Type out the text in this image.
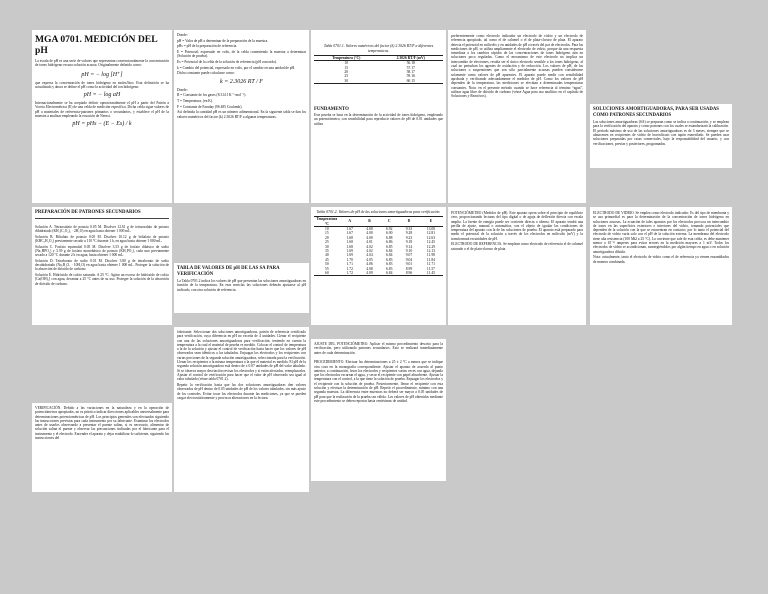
MGA 0701. MEDICIÓN DEL pH

La escala de pH es una serie de valores que representan convencionalmente la concentración de iones hidrógeno en una solución acuosa. Originalmente definido como:

pH = − log [H⁺]

que expresa la concentración de iones hidrógeno en moles/litro. Esta definición se ha actualizado y ahora se define el pH como la actividad del ion hidrógeno:

pH = − log aH

Internacionalmente se ha aceptado definir operacionalmente el pH a partir del Patrón a Voceta Electrométrica (E) de una celda de medición específica. Dicha celda sigue valores de pH a materiales de referencia-patrones primarios o secundarios, y establece el pH de la muestra a analizar empleando la ecuación de Nernst.

pH = pHs − (E − Es) / k

Donde:

pH = Valor de pH a determinar de la preparación de la muestra.

pHs = pH de la preparación de referencia.

E = Potencial, expresado en volts, de la celda conteniendo la muestra a determinar (Solución de prueba).

Es = Potencial de la celda de la solución de referencia (pH conocido).

k = Cambio del potencial, expresado en volts, por el cambio en una unidad de pH.

Dicha constante puede calcularse como:

k = 2.3026 RT / F

Donde:

R = Constante de los gases (8.314 J K⁻¹ mol⁻¹).

T = Temperatura, (en K).

F = Constante de Faraday (96 485 Coulomb).

Así definida la cantidad pH es un número adimensional. En la siguiente tabla se dan los valores numéricos del factor (k) 2.3026 RT/F a algunas temperaturas.

Tabla 0701.1. Valores numéricos del factor (k) 2.3026 RT/F a diferentes temperaturas.
Temperatura (°C)	2.3026 RT/F (mV)
10	56.18
15	57.17
20	58.17
25	59.16
30	60.15
FUNDAMENTO

Este prueba se basa en la determinación de la actividad de iones hidrógeno, empleando un potenciómetro, con sensibilidad para reproducir valores de pH de 0.01 unidades que utiliza

preferentemente como electrodo indicador un electrodo de vidrio y un electrodo de referencia apropiado, tal como el de calomel o el de plata-cloruro de plata. El aparato detecta el potencial en milivolts y en unidades de pH a través del par de electrodos. Para las mediciones de pH, se utiliza ampliamente el electrodo de vidrio, porque da una respuesta inmediata a los cambios rápidos de las concentraciones de iones hidrógeno aún en soluciones poco reguladas. Como el mecanismo de este electrodo no implica un intercambio de electrones, resulta ser el único electrodo sensible a los iones hidrógeno, al cual no perturban los agentes de oxidación y de reducción. Los valores de pH, de las soluciones o suspensiones que son sólo parcialmente acuosas pueden considerarse solamente como valores de pH aparentes. El aparato puede medir con sensibilidad aprobada y verificando adecuadamente el medidor de pH. Como los valores de pH dependen de la temperatura, las mediciones se efectúan a determinadas temperaturas constantes. Nota: en el presente método cuando se hace referencia al término “agua”, utilizar agua libre de dióxido de carbono (véase Agua para uso analítico en el capítulo de Soluciones y Reactivos).

SOLUCIONES AMORTIGUADORAS, PARA SER USADAS COMO PATRONES SECUNDARIOS

Las soluciones amortiguadoras (SA) se preparan como se indica a continuación, y se emplean para la verificación del aparato y como patrones con los cuales se estandarizará la calibración. El período máximo de uso de las soluciones amortiguadoras es de 3 meses, siempre que se almacenen en recipientes de vidrio de borosilicato con tapón esmerilado. Se pueden usar soluciones preparadas por casas comerciales, bajo la responsabilidad del usuario, y con verificaciones, previas y posteriores, programadas.

PREPARACIÓN DE PATRONES SECUNDARIOS

Solución A. Tetraoxalato de potasio 0.05 M. Disolver 12.61 g de tetraoxalato de potasio dihidratado (KH₃(C₂O₄)₂ · 2H₂O) en agua hasta obtener 1 000 mL.

Solución B. Biftalato de potasio 0.05 M. Disolver 10.12 g de biftalato de potasio (KHC₈H₄O₄) previamente secado a 110 °C durante 1 h, en agua hasta obtener 1 000 mL.

Solución C. Fosfato equimolal 0.05 M. Disolver 3.53 g de fosfato dibásico de sodio (Na₂HPO₄) y 3.39 g de fosfato monobásico de potasio (KH₂PO₄), cada uno previamente secado a 120 °C durante 2 h en agua, hasta obtener 1 000 mL.

Solución D. Tetraborato de sodio 0.01 M. Disolver 3.80 g de tetraborato de sodio decahidratado (Na₂B₄O₇ · 10H₂O) en agua hasta obtener 1 000 mL. Proteger la solución de la absorción de dióxido de carbono.

Solución E. Hidróxido de calcio saturada. A 25 °C. Agitar un exceso de hidróxido de calcio [Ca(OH)₂] con agua, decantar a 25 °C antes de su uso. Proteger la solución de la absorción de dióxido de carbono.

TABLA DE VALORES DE pH DE LAS SA PARA VERIFICACIÓN

La Tabla 0701.2 indica los valores de pH que presentan las soluciones amortiguadoras en función de la temperatura. En esas mezclas las soluciones deberán ajustarse al pH indicado, con otra solución de referencia.

Tabla 0701.2. Valores de pH de las soluciones amortiguadoras para verificación.
Temperatura °C	A	B	C	D	E
10	1.67	4.00	6.92	9.33	13.00
15	1.67	4.00	6.90	9.28	12.81
20	1.68	4.00	6.88	9.23	12.63
25	1.68	4.01	6.86	9.18	12.45
30	1.68	4.02	6.85	9.14	12.29
35	1.69	4.02	6.84	9.10	12.13
40	1.69	4.04	6.84	9.07	11.98
45	1.70	4.05	6.83	9.04	11.84
50	1.71	4.06	6.83	9.01	11.71
55	1.72	4.08	6.83	8.99	11.57
60	1.72	4.09	6.84	8.96	11.45

POTENCIÓMETRO (Medidor de pH). Este aparato opera sobre el principio de equilibrio cero, proporcionando lecturas del tipo digital o de aguja de deflexión directa con escala amplia. La fuente de energía puede ser corriente directa o alterna. El aparato tendrá una perilla de ajuste, manual o automática, con el objeto de igualar las condiciones de temperatura del aparato con la de las soluciones de prueba. El aparato está preparado para medir el potencial de la solución a través de los electrodos en milivolts (mV) y la transformará en unidades de pH.

ELECTRODO DE REFERENCIA. Se emplean como electrodo de referencia el de calomel saturado o el de plata-cloruro de plata.

ELECTRODO DE VIDRIO. Se emplea como electrodo indicador. Es del tipo de membrana y se usa primordial es para la determinación de la concentración de iones hidrógeno en soluciones acuosas. La ecuación de tales aparatos por los electrodos provoca un intercambio de iones en las superficies exteriores e interiores del vidrio, tomando potenciales que dependen de la solución con la que se encuentran en contacto; por lo tanto el potencial del electrodo de vidrio varía solo con el pH de la solución externa. La membrana del electrodo tiene alta resistencia (100 MΩ a 25 °C). La corriente que sale de esta celda, es debe mantener menor a 10⁻¹² amperes para evitar errores en la medición mayores a 1 mV. Todos los electrodos de vidrio se acondicionan, sumergiéndolos por algún tiempo en agua o en solución amortiguadora diluida.

Nota: actualmente, tanto el electrodo de vidrio como el de referencia ya vienen ensamblados de manera combinada.

VERIFICACIÓN. Debido a las variaciones en la naturaleza y en la operación de potenciómetros apropiados, no es práctico indicar direcciones aplicables universalmente para determinaciones potenciométricas de pH. Los principios generales son efectuados siguiendo las instrucciones previstas para cada instrumento por su fabricante. Examinar los electrodos antes de usarlos observando a presentar el puente salino, si es necesario, alimentar de solución salina el puente y observar las precauciones indicadas por el fabricante para el instrumento y el electrodo. Encender el aparato y dejar estabilizar lo suficiente, siguiendo las instrucciones del

fabricante. Seleccionar dos soluciones amortiguadoras, patrón de referencia certificado para verificación, cuya diferencia en pH no exceda de 4 unidades. Llenar el recipiente con una de las soluciones amortiguadoras para verificación, teniendo en cuenta la temperatura a la cual el material de prueba es medido. Colocar el control de temperatura a la de la solución y ajustar el control de verificación hasta hacer que los valores de pH observados sean idénticos a los tabulados. Enjuagar los electrodos y los recipientes con varias porciones de la segunda solución amortiguadora, seleccionada para la verificación. Llenar los recipientes a la misma temperatura a la que el material es medido. El pH de la segunda solución amortiguadora está dentro de ± 0.07 unidades de pH del valor tabulado. Si se observa mayor desviación revisar los electrodos y si están afectados, reemplazarlos. Ajustar el control de verificación para hacer que el valor de pH observado sea igual al valor tabulado (véase tabla 0701.2).

Repetir la verificación hasta que las dos soluciones amortiguadoras den valores observados de pH dentro de 0.05 unidades de pH de los valores tabulados, sin más ajuste de los controles. Evitar tocar los electrodos durante las mediciones, ya que se pueden cargar electrostáticamente y provocar alteraciones en la lectura.

AJUSTE DEL POTENCIÓMETRO. Aplicar el mismo procedimiento descrito para la verificación, pero utilizando patrones secundarios. Esto se realizará inmediatamente antes de cada determinación.

PROCEDIMIENTO. Efectuar las determinaciones a 25 ± 2 °C a menos que se indique otra cosa en la monografía correspondiente. Ajustar el aparato de acuerdo al punto anterior, a continuación, lavar los electrodos y recipientes varias veces con agua, dejando que los electrodos escurran el agua, y secar el recipiente con papel absorbente. Ajustar la temperatura con el control, a la que tiene la solución de prueba. Enjuagar los electrodos y el recipiente con la solución de prueba. Posteriormente, llenar el recipiente con esta solución y efectuar la determinación de pH. Repetir el procedimiento, mínimo con una segunda muestra. La diferencia entre muestras no deberá ser mayor a 0.05 unidades de pH para que la realización de la prueba sea válida. Los valores de pH obtenidos mediante este procedimiento se deben reportar hasta centésimas de unidad.
